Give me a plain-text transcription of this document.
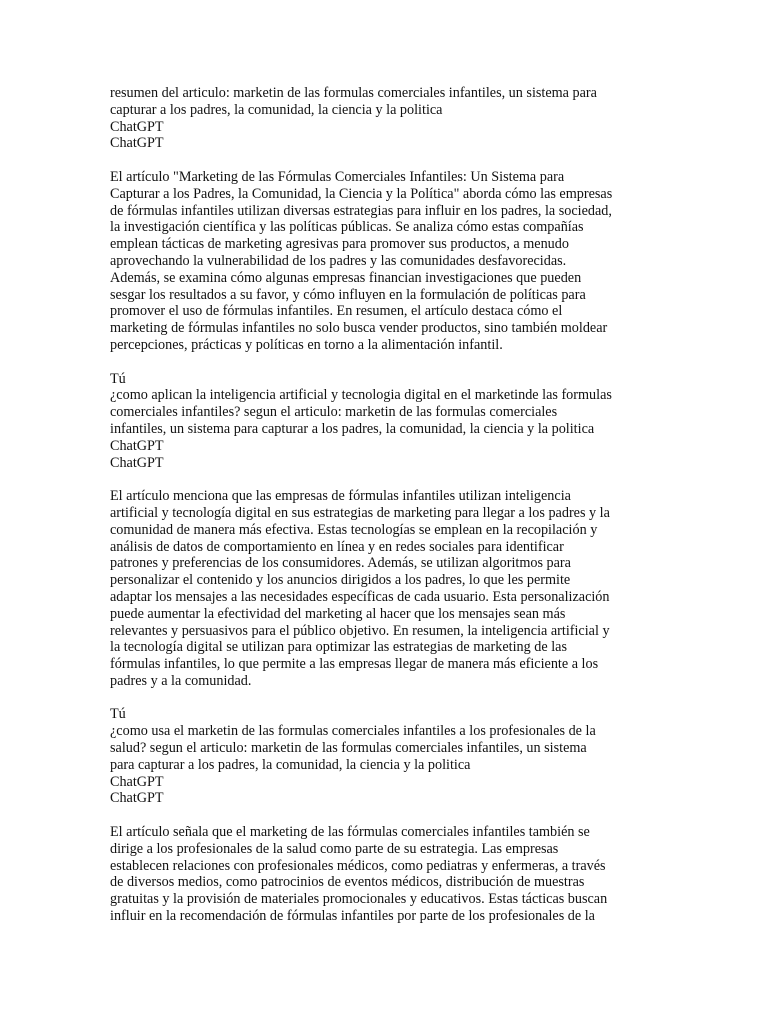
resumen del articulo: marketin de las formulas comerciales infantiles, un sistema para
capturar a los padres, la comunidad, la ciencia y la politica
ChatGPT
ChatGPT
El artículo "Marketing de las Fórmulas Comerciales Infantiles: Un Sistema para
Capturar a los Padres, la Comunidad, la Ciencia y la Política" aborda cómo las empresas
de fórmulas infantiles utilizan diversas estrategias para influir en los padres, la sociedad,
la investigación científica y las políticas públicas. Se analiza cómo estas compañías
emplean tácticas de marketing agresivas para promover sus productos, a menudo
aprovechando la vulnerabilidad de los padres y las comunidades desfavorecidas.
Además, se examina cómo algunas empresas financian investigaciones que pueden
sesgar los resultados a su favor, y cómo influyen en la formulación de políticas para
promover el uso de fórmulas infantiles. En resumen, el artículo destaca cómo el
marketing de fórmulas infantiles no solo busca vender productos, sino también moldear
percepciones, prácticas y políticas en torno a la alimentación infantil.
Tú
¿como aplican la inteligencia artificial y tecnologia digital en el marketinde las formulas
comerciales infantiles? segun el articulo: marketin de las formulas comerciales
infantiles, un sistema para capturar a los padres, la comunidad, la ciencia y la politica
ChatGPT
ChatGPT
El artículo menciona que las empresas de fórmulas infantiles utilizan inteligencia
artificial y tecnología digital en sus estrategias de marketing para llegar a los padres y la
comunidad de manera más efectiva. Estas tecnologías se emplean en la recopilación y
análisis de datos de comportamiento en línea y en redes sociales para identificar
patrones y preferencias de los consumidores. Además, se utilizan algoritmos para
personalizar el contenido y los anuncios dirigidos a los padres, lo que les permite
adaptar los mensajes a las necesidades específicas de cada usuario. Esta personalización
puede aumentar la efectividad del marketing al hacer que los mensajes sean más
relevantes y persuasivos para el público objetivo. En resumen, la inteligencia artificial y
la tecnología digital se utilizan para optimizar las estrategias de marketing de las
fórmulas infantiles, lo que permite a las empresas llegar de manera más eficiente a los
padres y a la comunidad.
Tú
¿como usa el marketin de las formulas comerciales infantiles a los profesionales de la
salud? segun el articulo: marketin de las formulas comerciales infantiles, un sistema
para capturar a los padres, la comunidad, la ciencia y la politica
ChatGPT
ChatGPT
El artículo señala que el marketing de las fórmulas comerciales infantiles también se
dirige a los profesionales de la salud como parte de su estrategia. Las empresas
establecen relaciones con profesionales médicos, como pediatras y enfermeras, a través
de diversos medios, como patrocinios de eventos médicos, distribución de muestras
gratuitas y la provisión de materiales promocionales y educativos. Estas tácticas buscan
influir en la recomendación de fórmulas infantiles por parte de los profesionales de la
